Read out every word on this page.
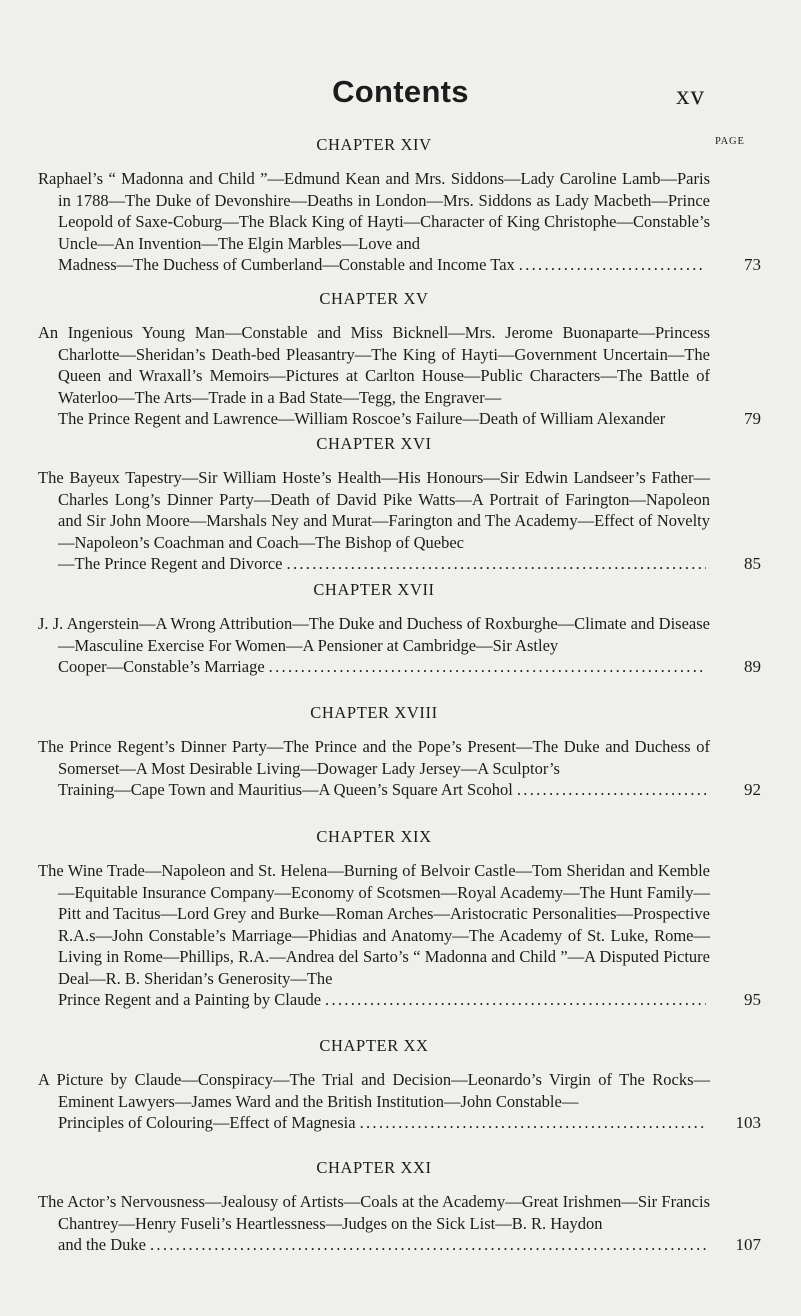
Contents	xv
CHAPTER XIV	PAGE
Raphael’s “ Madonna and Child ”—Edmund Kean and Mrs. Siddons—Lady Caroline Lamb—Paris in 1788—The Duke of Devonshire—Deaths in London—Mrs. Siddons as Lady Macbeth—Prince Leopold of Saxe-Coburg—The Black King of Hayti—Character of King Christophe—Constable’s Uncle—An Invention—The Elgin Marbles—Love and
Madness—The Duchess of Cumberland—Constable and Income Tax .....	73
CHAPTER XV
An Ingenious Young Man—Constable and Miss Bicknell—Mrs. Jerome Buonaparte—Princess Charlotte—Sheridan’s Death-bed Pleasantry—The King of Hayti—Government Uncertain—The Queen and Wraxall’s Memoirs—Pictures at Carlton House—Public Characters—The Battle of Waterloo—The Arts—Trade in a Bad State—Tegg, the Engraver—
The Prince Regent and Lawrence—William Roscoe’s Failure—Death of William Alexander	79
CHAPTER XVI
The Bayeux Tapestry—Sir William Hoste’s Health—His Honours—Sir Edwin Landseer’s Father—Charles Long’s Dinner Party—Death of David Pike Watts—A Portrait of Farington—Napoleon and Sir John Moore—Marshals Ney and Murat—Farington and The Academy—Effect of Novelty—Napoleon’s Coachman and Coach—The Bishop of Quebec
—The Prince Regent and Divorce .....	85
CHAPTER XVII
J. J. Angerstein—A Wrong Attribution—The Duke and Duchess of Roxburghe—Climate and Disease—Masculine Exercise For Women—A Pensioner at Cambridge—Sir Astley
Cooper—Constable’s Marriage .....	89
CHAPTER XVIII
The Prince Regent’s Dinner Party—The Prince and the Pope’s Present—The Duke and Duchess of Somerset—A Most Desirable Living—Dowager Lady Jersey—A Sculptor’s
Training—Cape Town and Mauritius—A Queen’s Square Art Scohol .....	92
CHAPTER XIX
The Wine Trade—Napoleon and St. Helena—Burning of Belvoir Castle—Tom Sheridan and Kemble—Equitable Insurance Company—Economy of Scotsmen—Royal Academy—The Hunt Family—Pitt and Tacitus—Lord Grey and Burke—Roman Arches—Aristocratic Personalities—Prospective R.A.s—John Constable’s Marriage—Phidias and Anatomy—The Academy of St. Luke, Rome—Living in Rome—Phillips, R.A.—Andrea del Sarto’s “ Madonna and Child ”—A Disputed Picture Deal—R. B. Sheridan’s Generosity—The
Prince Regent and a Painting by Claude .....	95
CHAPTER XX
A Picture by Claude—Conspiracy—The Trial and Decision—Leonardo’s Virgin of The Rocks—Eminent Lawyers—James Ward and the British Institution—John Constable—
Principles of Colouring—Effect of Magnesia .....	103
CHAPTER XXI
The Actor’s Nervousness—Jealousy of Artists—Coals at the Academy—Great Irishmen—Sir Francis Chantrey—Henry Fuseli’s Heartlessness—Judges on the Sick List—B. R. Haydon
and the Duke .....	107
